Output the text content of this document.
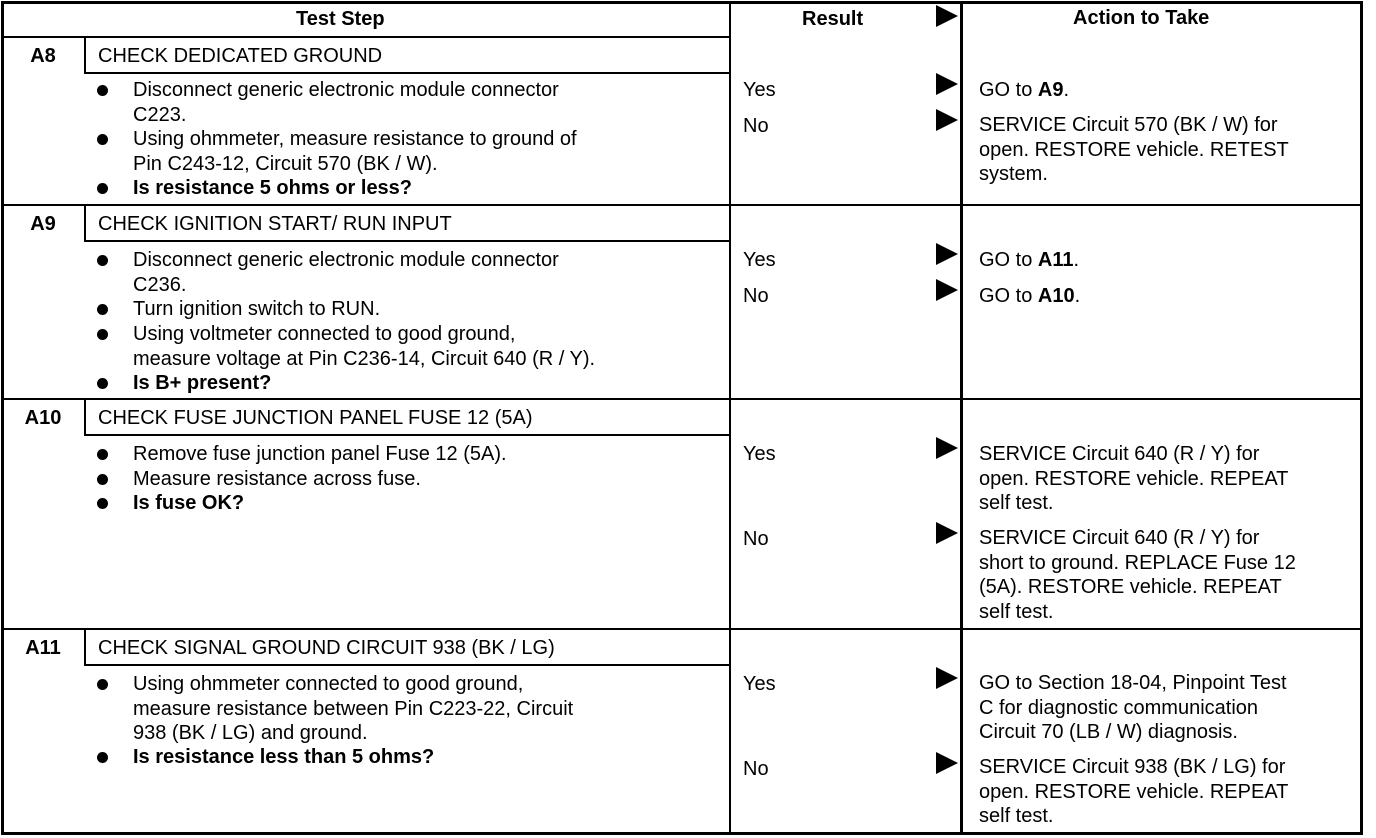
Test Step	Result	Action to Take
A8	CHECK DEDICATED GROUND
Disconnect generic electronic module connector
C223.
Using ohmmeter, measure resistance to ground of
Pin C243-12, Circuit 570 (BK / W).
Is resistance 5 ohms or less?
Yes	GO to A9.
No	SERVICE Circuit 570 (BK / W) for
open. RESTORE vehicle. RETEST
system.
A9	CHECK IGNITION START/ RUN INPUT
Disconnect generic electronic module connector
C236.
Turn ignition switch to RUN.
Using voltmeter connected to good ground,
measure voltage at Pin C236-14, Circuit 640 (R / Y).
Is B+ present?
Yes	GO to A11.
No	GO to A10.
A10	CHECK FUSE JUNCTION PANEL FUSE 12 (5A)
Remove fuse junction panel Fuse 12 (5A).
Measure resistance across fuse.
Is fuse OK?
Yes	SERVICE Circuit 640 (R / Y) for
open. RESTORE vehicle. REPEAT
self test.
No	SERVICE Circuit 640 (R / Y) for
short to ground. REPLACE Fuse 12
(5A). RESTORE vehicle. REPEAT
self test.
A11	CHECK SIGNAL GROUND CIRCUIT 938 (BK / LG)
Using ohmmeter connected to good ground,
measure resistance between Pin C223-22, Circuit
938 (BK / LG) and ground.
Is resistance less than 5 ohms?
Yes	GO to Section 18-04, Pinpoint Test
C for diagnostic communication
Circuit 70 (LB / W) diagnosis.
No	SERVICE Circuit 938 (BK / LG) for
open. RESTORE vehicle. REPEAT
self test.
